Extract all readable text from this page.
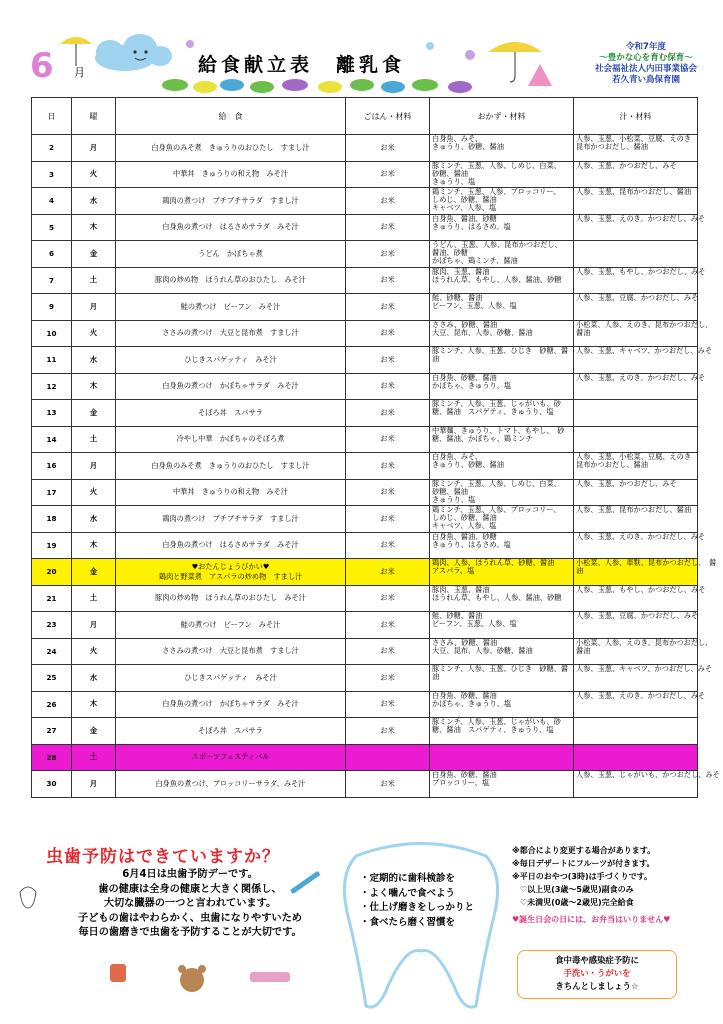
6 月	給食献立表　離乳食
令和7年度
～豊かな心を育む保育～
社会福祉法人内田事業協会
若久青い鳥保育園
日	曜	給　食	ごはん・材料	おかず・材料	汁・材料
2	月	白身魚のみそ煮　きゅうりのおひたし　すまし汁	お米	白身魚、みそ、
きゅうり、砂糖、醤油	人参、玉葱、小松菜、豆腐、えのき
昆布かつおだし、醤油
3	火	中華丼　きゅうりの和え物　みそ汁	お米	豚ミンチ、玉葱、人参、しめじ、白菜、
砂糖、醤油
きゅうり、塩	人参、玉葱、かつおだし、みそ
4	水	鶏肉の煮つけ　ブチブチサラダ　すまし汁	お米	鶏ミンチ、玉葱、人参、ブロッコリー、
しめじ、砂糖、醤油
キャベツ、人参、塩	人参、玉葱、昆布かつおだし、醤油
5	木	白身魚の煮つけ　はるさめサラダ　みそ汁	お米	白身魚、醤油、砂糖
きゅうり、はるさめ、塩	人参、玉葱、えのき、かつおだし、みそ
6	金	うどん　かぼちゃ煮	お米	うどん、玉葱、人参、昆布かつおだし、
醤油、砂糖
かぼちゃ、鶏ミンチ、醤油	
7	土	豚肉の炒め物　ほうれん草のおひたし　みそ汁	お米	豚肉、玉葱、醤油
ほうれん草、もやし、人参、醤油、砂糖	人参、玉葱、もやし、かつおだし、みそ
9	月	鮭の煮つけ　ビーフン　みそ汁	お米	鮭、砂糖、醤油
ビーフン、玉葱、人参、塩	人参、玉葱、豆腐、かつおだし、みそ
10	火	ささみの煮つけ　大豆と昆布煮　すまし汁	お米	ささみ、砂糖、醤油
大豆、昆布、人参、砂糖、醤油	小松菜、人参、えのき、昆布かつおだし、
醤油
11	水	ひじきスパゲッティ　みそ汁	お米	豚ミンチ、人参、玉葱、ひじき　砂糖、醤
油	人参、玉葱、キャベツ、かつおだし、みそ
12	木	白身魚の煮つけ　かぼちゃサラダ　みそ汁	お米	白身魚、砂糖、醤油
かぼちゃ、きゅうり、塩	人参、玉葱、えのき、かつおだし、みそ
13	金	そぼろ丼　スパサラ	お米	豚ミンチ、人参、玉葱、じゃがいも、砂
糖、醤油　スパゲティ、きゅうり、塩	
14	土	冷やし中華　かぼちゃのそぼろ煮	お米	中華麺、きゅうり、トマト、もやし、　砂
糖、醤油、かぼちゃ、鶏ミンチ	
16	月	白身魚のみそ煮　きゅうりのおひたし　すまし汁	お米	白身魚、みそ、
きゅうり、砂糖、醤油	人参、玉葱、小松菜、豆腐、えのき
昆布かつおだし、醤油
17	火	中華丼　きゅうりの和え物　みそ汁	お米	豚ミンチ、玉葱、人参、しめじ、白菜、
砂糖、醤油
きゅうり、塩	人参、玉葱、かつおだし、みそ
18	水	鶏肉の煮つけ　ブチブチサラダ　すまし汁	お米	鶏ミンチ、玉葱、人参、ブロッコリー、
しめじ、砂糖、醤油
キャベツ、人参、塩	人参、玉葱、昆布かつおだし、醤油
19	木	白身魚の煮つけ　はるさめサラダ　みそ汁	お米	白身魚、醤油、砂糖
きゅうり、はるさめ、塩	人参、玉葱、えのき、かつおだし、みそ
20	金	♥おたんじょうびかい♥
鶏肉と野菜煮　アスパラの炒め物　すまし汁	お米	鶏肉、人参、ほうれん草、砂糖、醤油
アスパラ、塩	小松菜、人参、車麩、昆布かつおだし、　醤
油
21	土	豚肉の炒め物　ほうれん草のおひたし　みそ汁	お米	豚肉、玉葱、醤油
ほうれん草、もやし、人参、醤油、砂糖	人参、玉葱、もやし、かつおだし、みそ
23	月	鮭の煮つけ　ビーフン　みそ汁	お米	鮭、砂糖、醤油
ビーフン、玉葱、人参、塩	人参、玉葱、豆腐、かつおだし、みそ
24	火	ささみの煮つけ　大豆と昆布煮　すまし汁	お米	ささみ、砂糖、醤油
大豆、昆布、人参、砂糖、醤油	小松菜、人参、えのき、昆布かつおだし、
醤油
25	水	ひじきスパゲッティ　みそ汁	お米	豚ミンチ、人参、玉葱、ひじき　砂糖、醤
油	人参、玉葱、キャベツ、かつおだし、みそ
26	木	白身魚の煮つけ　かぼちゃサラダ　みそ汁	お米	白身魚、砂糖、醤油
かぼちゃ、きゅうり、塩	人参、玉葱、えのき、かつおだし、みそ
27	金	そぼろ丼　スパサラ	お米	豚ミンチ、人参、玉葱、じゃがいも、砂
糖、醤油　スパゲティ、きゅうり、塩	
28	土	スポーツフェスティバル			
30	月	白身魚の煮つけ、ブロッコリーサラダ、みそ汁	お米	白身魚、砂糖、醤油
ブロッコリー、塩	人参、玉葱、じゃがいも、かつおだし、みそ
虫歯予防はできていますか？
6月4日は虫歯予防デーです。
歯の健康は全身の健康と大きく関係し、
大切な臓器の一つと言われています。
子どもの歯はやわらかく、虫歯になりやすいため
毎日の歯磨きで虫歯を予防することが大切です。
・定期的に歯科検診を
・よく噛んで食べよう
・仕上げ磨きをしっかりと
・食べたら磨く習慣を
※都合により変更する場合があります。
※毎日デザートにフルーツが付きます。
※平日のおやつ(3時)は手づくりです。
♡以上児(3歳～5歳児)副食のみ
♡未満児(0歳～2歳児)完全給食
♥誕生日会の日には、お弁当はいりません♥
食中毒や感染症予防に
手洗い・うがいを
きちんとしましょう☆
